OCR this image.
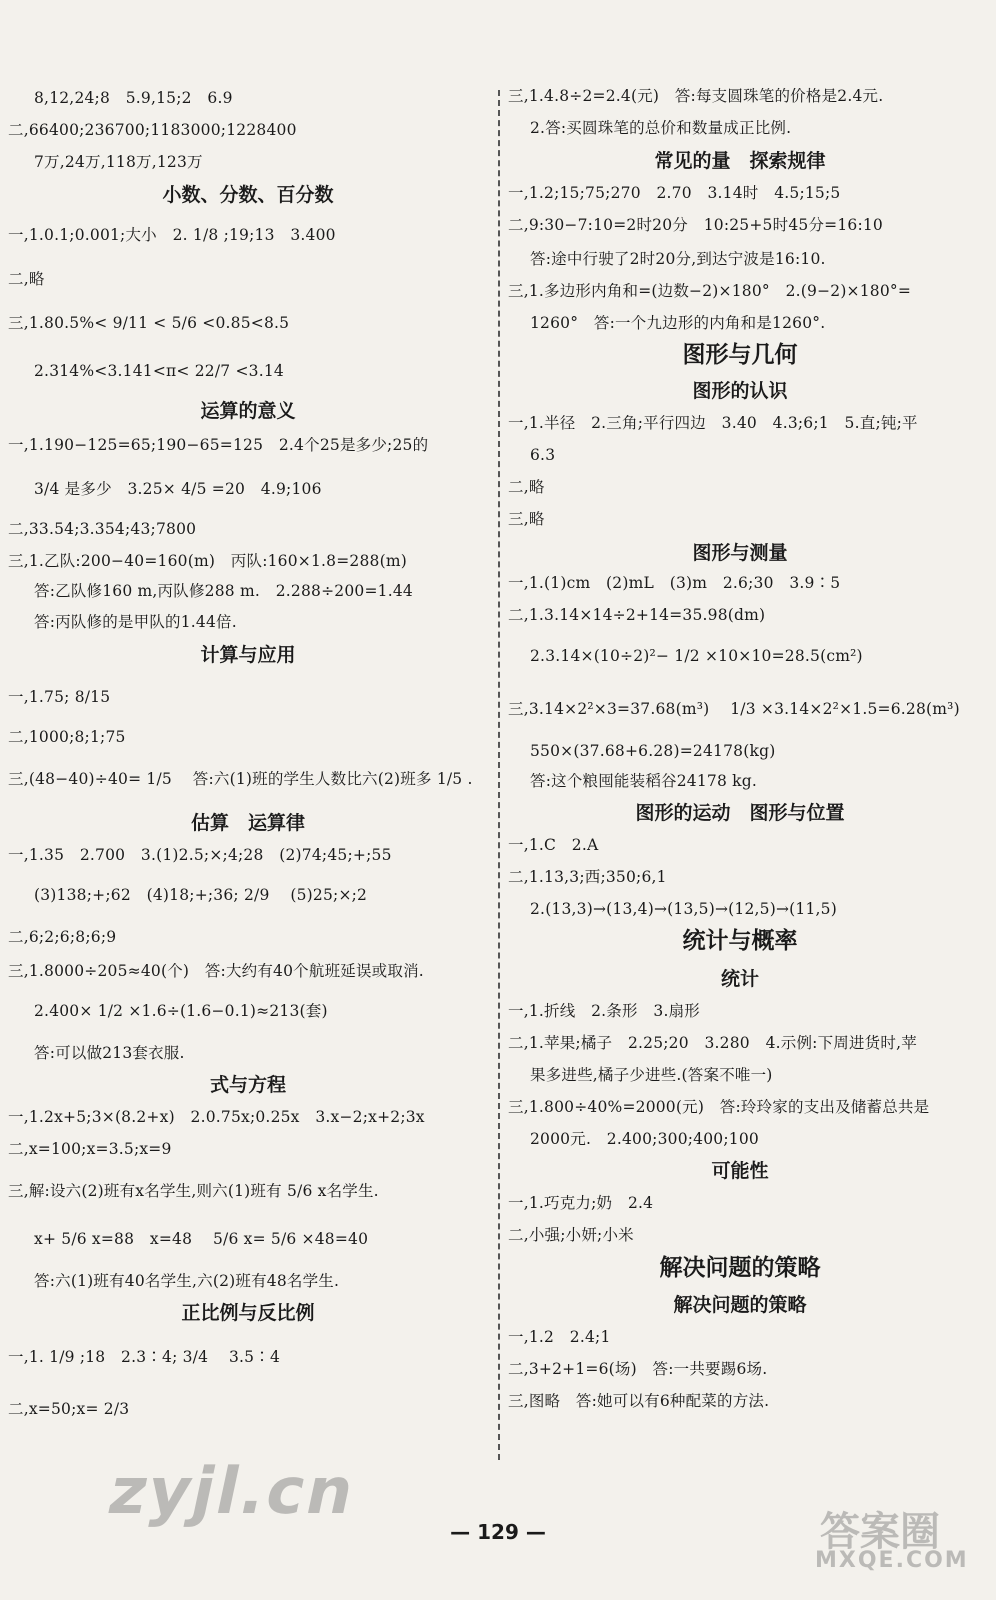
8,12,24;8　5.9,15;2　6.9
二,66400;236700;1183000;1228400
7万,24万,118万,123万
小数、分数、百分数
一,1.0.1;0.001;大小　2. 1/8 ;19;13　3.400
二,略
三,1.80.5%< 9/11 < 5/6 <0.85<8.5
2.314%<3.141<π< 22/7 <3.14̇
运算的意义
一,1.190−125=65;190−65=125　2.4个25是多少;25的
3/4 是多少　3.25× 4/5 =20　4.9;106
二,33.54;3.354;43;7800
三,1.乙队:200−40=160(m)　丙队:160×1.8=288(m)
答:乙队修160 m,丙队修288 m.　2.288÷200=1.44
答:丙队修的是甲队的1.44倍.
计算与应用
一,1.75; 8/15
二,1000;8;1;75
三,(48−40)÷40= 1/5 　答:六(1)班的学生人数比六(2)班多 1/5 .
估算　运算律
一,1.35　2.700　3.(1)2.5;×;4;28　(2)74;45;+;55
(3)138;+;62　(4)18;+;36; 2/9 　(5)25;×;2
二,6;2;6;8;6;9
三,1.8000÷205≈40(个)　答:大约有40个航班延误或取消.
2.400× 1/2 ×1.6÷(1.6−0.1)≈213(套)
答:可以做213套衣服.
式与方程
一,1.2x+5;3×(8.2+x)　2.0.75x;0.25x　3.x−2;x+2;3x
二,x=100;x=3.5;x=9
三,解:设六(2)班有x名学生,则六(1)班有 5/6 x名学生.
x+ 5/6 x=88　x=48　 5/6 x= 5/6 ×48=40
答:六(1)班有40名学生,六(2)班有48名学生.
正比例与反比例
一,1. 1/9 ;18　2.3∶4; 3/4 　3.5∶4
二,x=50;x= 2/3
三,1.4.8÷2=2.4(元)　答:每支圆珠笔的价格是2.4元.
2.答:买圆珠笔的总价和数量成正比例.
常见的量　探索规律
一,1.2;15;75;270　2.70　3.14时　4.5;15;5
二,9:30−7:10=2时20分　10:25+5时45分=16:10
答:途中行驶了2时20分,到达宁波是16:10.
三,1.多边形内角和=(边数−2)×180°　2.(9−2)×180°=
1260°　答:一个九边形的内角和是1260°.
图形与几何
图形的认识
一,1.半径　2.三角;平行四边　3.40　4.3;6;1　5.直;钝;平
6.3
二,略
三,略
图形与测量
一,1.(1)cm　(2)mL　(3)m　2.6;30　3.9∶5
二,1.3.14×14÷2+14=35.98(dm)
2.3.14×(10÷2)²− 1/2 ×10×10=28.5(cm²)
三,3.14×2²×3=37.68(m³)　 1/3 ×3.14×2²×1.5=6.28(m³)
550×(37.68+6.28)=24178(kg)
答:这个粮囤能装稻谷24178 kg.
图形的运动　图形与位置
一,1.C　2.A
二,1.13,3;西;350;6,1
2.(13,3)→(13,4)→(13,5)→(12,5)→(11,5)
统计与概率
统计
一,1.折线　2.条形　3.扇形
二,1.苹果;橘子　2.25;20　3.280　4.示例:下周进货时,苹
果多进些,橘子少进些.(答案不唯一)
三,1.800÷40%=2000(元)　答:玲玲家的支出及储蓄总共是
2000元.　2.400;300;400;100
可能性
一,1.巧克力;奶　2.4
二,小强;小妍;小米
解决问题的策略
解决问题的策略
一,1.2　2.4;1
二,3+2+1=6(场)　答:一共要踢6场.
三,图略　答:她可以有6种配菜的方法.
— 129 —
zyjl.cn
答案圈
MXQE.COM
